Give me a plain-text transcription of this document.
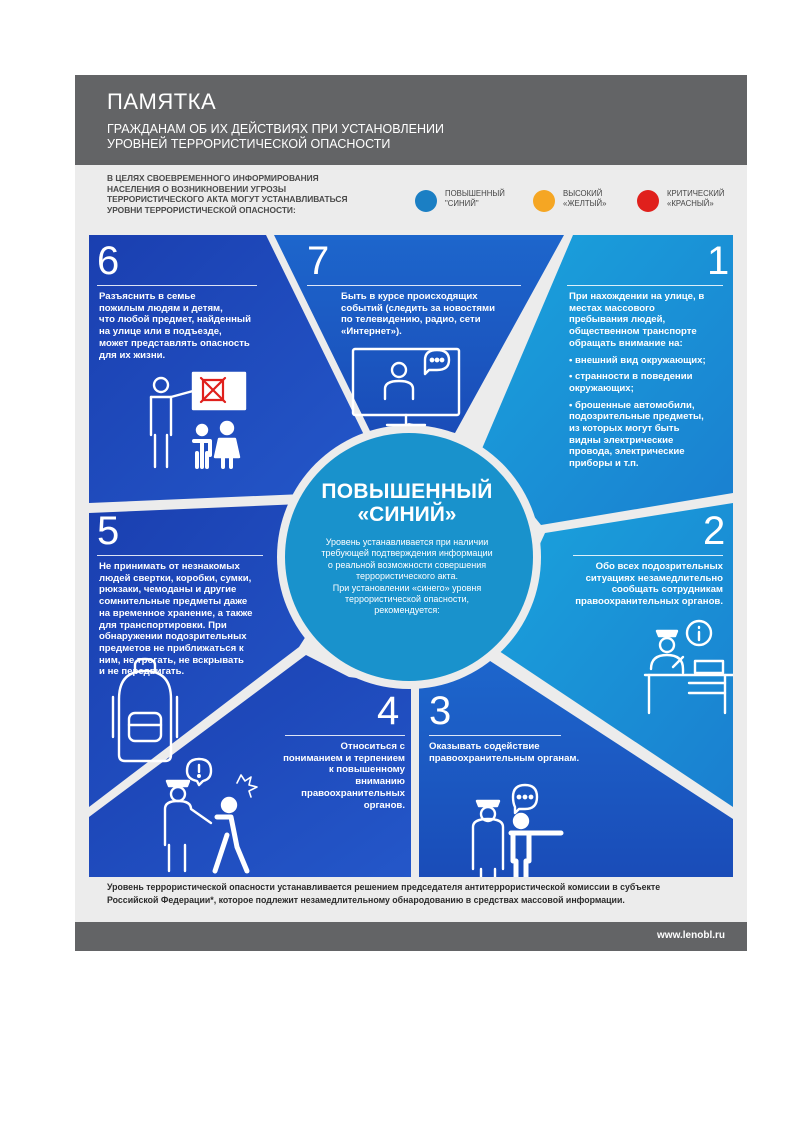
ПАМЯТКА
ГРАЖДАНАМ ОБ ИХ ДЕЙСТВИЯХ ПРИ УСТАНОВЛЕНИИ
УРОВНЕЙ ТЕРРОРИСТИЧЕСКОЙ ОПАСНОСТИ
В ЦЕЛЯХ СВОЕВРЕМЕННОГО ИНФОРМИРОВАНИЯ
НАСЕЛЕНИЯ О ВОЗНИКНОВЕНИИ УГРОЗЫ
ТЕРРОРИСТИЧЕСКОГО АКТА МОГУТ УСТАНАВЛИВАТЬСЯ
УРОВНИ ТЕРРОРИСТИЧЕСКОЙ ОПАСНОСТИ:
ПОВЫШЕННЫЙ
"СИНИЙ"
ВЫСОКИЙ
«ЖЕЛТЫЙ»
КРИТИЧЕСКИЙ
«КРАСНЫЙ»
6
Разъяснить в семье
пожилым людям и детям,
что любой предмет, найденный
на улице или в подъезде,
может представлять опасность
для их жизни.
7
Быть в курсе происходящих
событий (следить за новостями
по телевидению, радио, сети
«Интернет»).
1
При нахождении на улице, в
местах массового
пребывания людей,
общественном транспорте
обращать внимание на:
• внешний вид окружающих;
• странности в поведении
окружающих;
• брошенные автомобили,
подозрительные предметы,
из которых могут быть
видны электрические
провода, электрические
приборы и т.п.
5
Не принимать от незнакомых
людей свертки, коробки, сумки,
рюкзаки, чемоданы и другие
сомнительные предметы даже
на временное хранение, а также
для транспортировки. При
обнаружении подозрительных
предметов не приближаться к
ним, не трогать, не вскрывать
и не передвигать.
2
Обо всех подозрительных
ситуациях незамедлительно
сообщать сотрудникам
правоохранительных органов.
4
Относиться с
пониманием и терпением
к повышенному
вниманию
правоохранительных
органов.
3
Оказывать содействие
правоохранительным органам.
ПОВЫШЕННЫЙ
«СИНИЙ»
Уровень устанавливается при наличии
требующей подтверждения информации
о реальной возможности совершения
террористического акта.
При установлении «синего» уровня
террористической опасности,
рекомендуется:
Уровень террористической опасности устанавливается решением председателя антитеррористической комиссии в субъекте
Российской Федерации*, которое подлежит незамедлительному обнародованию в средствах массовой информации.
www.lenobl.ru
